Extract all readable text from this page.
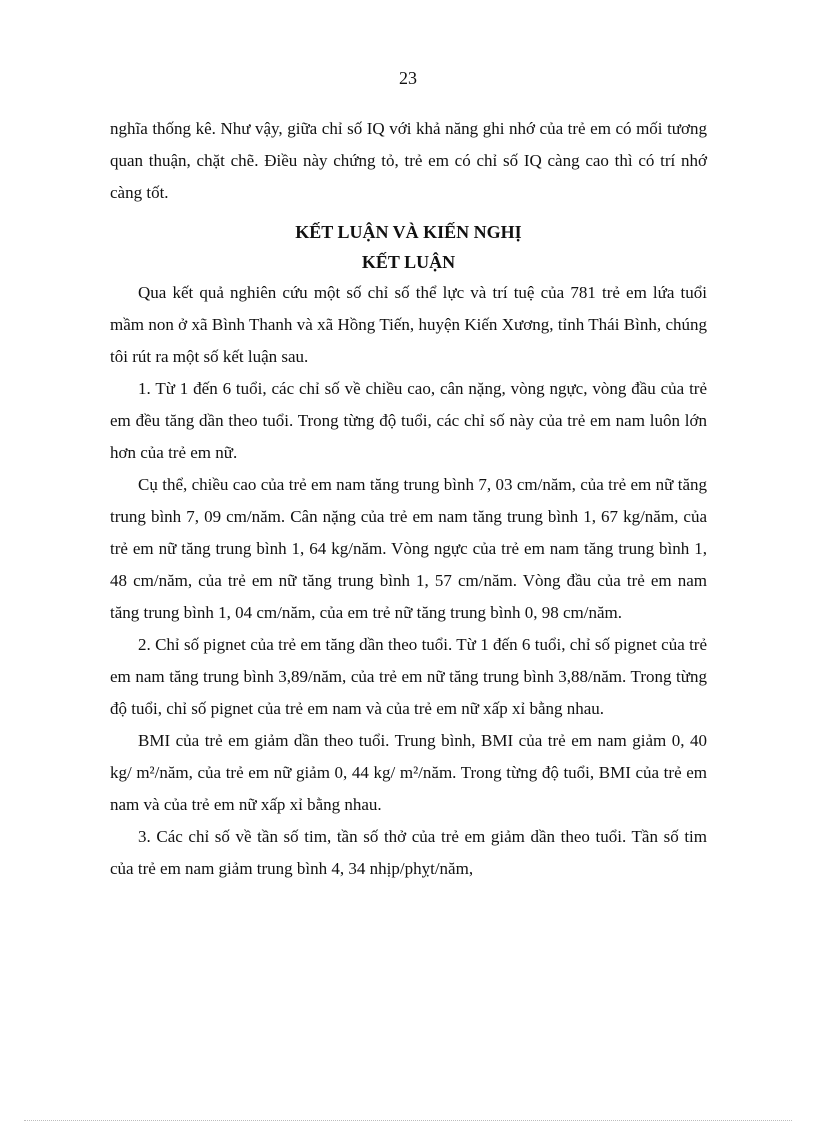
23

nghĩa thống kê. Như vậy, giữa chỉ số IQ với khả năng ghi nhớ của trẻ em có mối tương quan thuận, chặt chẽ. Điều này chứng tỏ, trẻ em có chỉ số IQ càng cao thì có trí nhớ càng tốt.

KẾT LUẬN VÀ KIẾN NGHỊ
KẾT LUẬN

Qua kết quả nghiên cứu một số chỉ số thể lực và trí tuệ của 781 trẻ em lứa tuổi mầm non ở xã Bình Thanh và xã Hồng Tiến, huyện Kiến Xương, tỉnh Thái Bình, chúng tôi rút ra một số kết luận sau.

1. Từ 1 đến 6 tuổi, các chỉ số về chiều cao, cân nặng, vòng ngực, vòng đầu của trẻ em đều tăng dần theo tuổi. Trong từng độ tuổi, các chỉ số này của trẻ em nam luôn lớn hơn của trẻ em nữ.

Cụ thể, chiều cao của trẻ em nam tăng trung bình 7, 03 cm/năm, của trẻ em nữ tăng trung bình 7, 09 cm/năm. Cân nặng của trẻ em nam tăng trung bình 1, 67 kg/năm, của trẻ em nữ tăng trung bình 1, 64 kg/năm. Vòng ngực của trẻ em nam tăng trung bình 1, 48 cm/năm, của trẻ em nữ tăng trung bình 1, 57 cm/năm. Vòng đầu của trẻ em nam tăng trung bình 1, 04 cm/năm, của em trẻ nữ tăng trung bình 0, 98 cm/năm.

2. Chỉ số pignet của trẻ em tăng dần theo tuổi. Từ 1 đến 6 tuổi, chỉ số pignet của trẻ em nam tăng trung bình 3,89/năm, của trẻ em nữ tăng trung bình 3,88/năm. Trong từng độ tuổi, chỉ số pignet của trẻ em nam và của trẻ em nữ xấp xỉ bằng nhau.

BMI của trẻ em giảm dần theo tuổi. Trung bình, BMI của trẻ em nam giảm 0, 40 kg/ m²/năm, của trẻ em nữ giảm 0, 44 kg/ m²/năm. Trong từng độ tuổi, BMI của trẻ em nam và của trẻ em nữ xấp xỉ bằng nhau.

3. Các chỉ số về tần số tim, tần số thở của trẻ em giảm dần theo tuổi. Tần số tim của trẻ em nam giảm trung bình 4, 34 nhịp/phỵt/năm,
